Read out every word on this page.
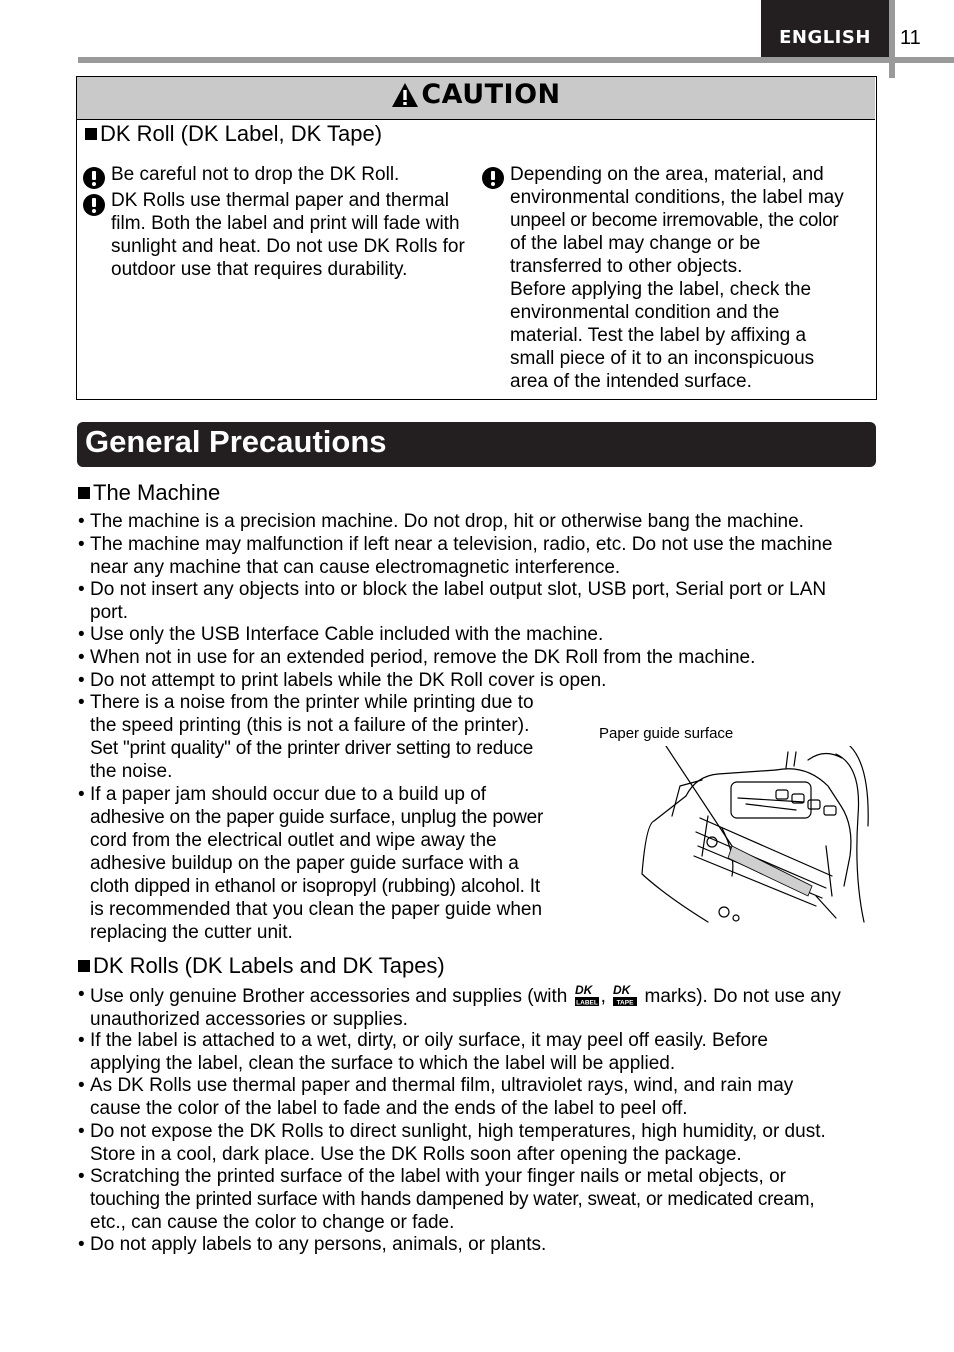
ENGLISH	11
CAUTION
DK Roll (DK Label, DK Tape)
Be careful not to drop the DK Roll.
DK Rolls use thermal paper and thermal film. Both the label and print will fade with sunlight and heat. Do not use DK Rolls for outdoor use that requires durability.
Depending on the area, material, and
environmental conditions, the label may
unpeel or become irremovable, the color
of the label may change or be
transferred to other objects.
Before applying the label, check the
environmental condition and the
material. Test the label by affixing a
small piece of it to an inconspicuous
area of the intended surface.
General Precautions
The Machine
• The machine is a precision machine. Do not drop, hit or otherwise bang the machine.
• The machine may malfunction if left near a television, radio, etc. Do not use the machine
near any machine that can cause electromagnetic interference.
• Do not insert any objects into or block the label output slot, USB port, Serial port or LAN
port.
• Use only the USB Interface Cable included with the machine.
• When not in use for an extended period, remove the DK Roll from the machine.
• Do not attempt to print labels while the DK Roll cover is open.
• There is a noise from the printer while printing due to
the speed printing (this is not a failure of the printer).
Set "print quality" of the printer driver setting to reduce
the noise.
• If a paper jam should occur due to a build up of
adhesive on the paper guide surface, unplug the power
cord from the electrical outlet and wipe away the
adhesive buildup on the paper guide surface with a
cloth dipped in ethanol or isopropyl (rubbing) alcohol. It
is recommended that you clean the paper guide when
replacing the cutter unit.
Paper guide surface
DK Rolls (DK Labels and DK Tapes)
• Use only genuine Brother accessories and supplies (with DK
LABEL , DK
TAPE marks). Do not use any
unauthorized accessories or supplies.
• If the label is attached to a wet, dirty, or oily surface, it may peel off easily. Before
applying the label, clean the surface to which the label will be applied.
• As DK Rolls use thermal paper and thermal film, ultraviolet rays, wind, and rain may
cause the color of the label to fade and the ends of the label to peel off.
• Do not expose the DK Rolls to direct sunlight, high temperatures, high humidity, or dust.
Store in a cool, dark place. Use the DK Rolls soon after opening the package.
• Scratching the printed surface of the label with your finger nails or metal objects, or
touching the printed surface with hands dampened by water, sweat, or medicated cream,
etc., can cause the color to change or fade.
• Do not apply labels to any persons, animals, or plants.
